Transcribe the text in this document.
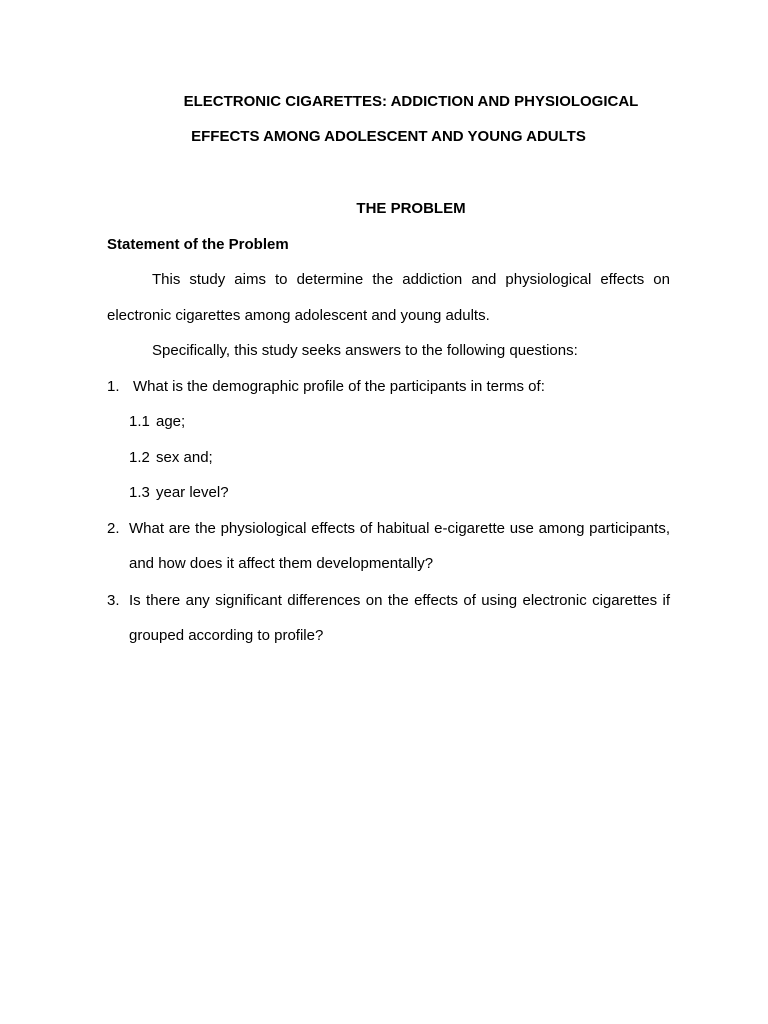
ELECTRONIC CIGARETTES: ADDICTION AND PHYSIOLOGICAL
EFFECTS AMONG ADOLESCENT AND YOUNG ADULTS
THE PROBLEM
Statement of the Problem
This study aims to determine the addiction and physiological effects on
electronic cigarettes among adolescent and young adults.
Specifically, this study seeks answers to the following questions:
1. What is the demographic profile of the participants in terms of:
1.1 age;
1.2 sex and;
1.3 year level?
2. What are the physiological effects of habitual e-cigarette use among participants,
and how does it affect them developmentally?
3. Is there any significant differences on the effects of using electronic cigarettes if
grouped according to profile?
